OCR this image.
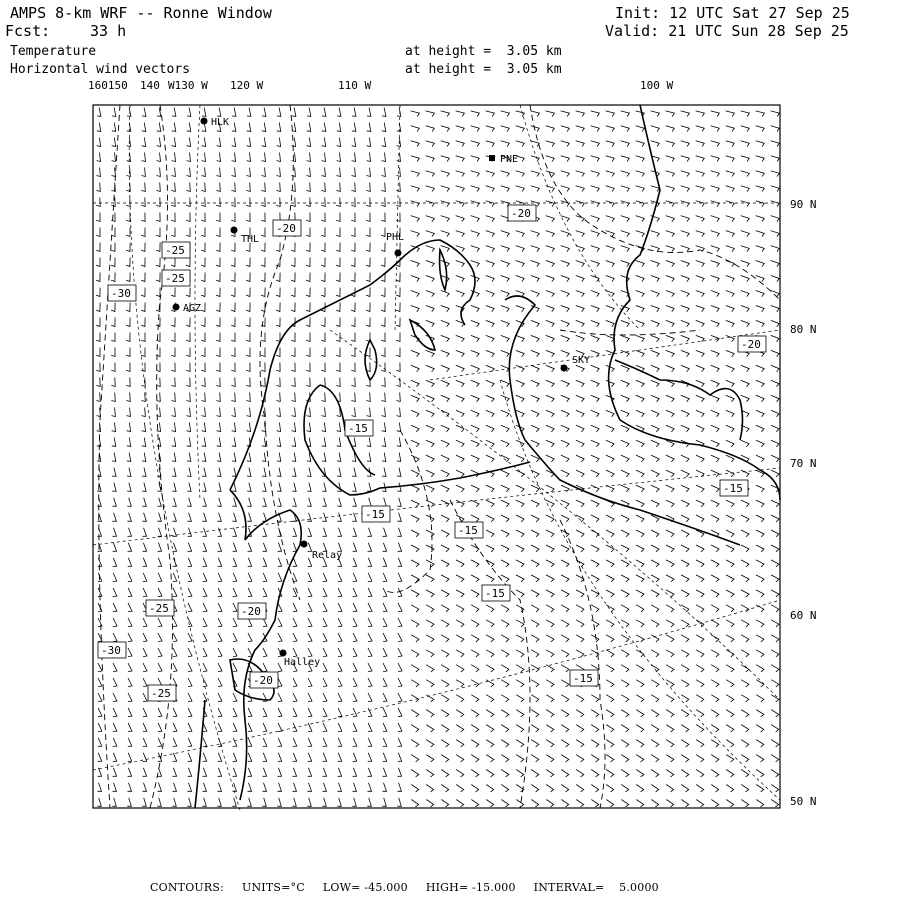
AMPS 8-km WRF -- Ronne Window	Init: 12 UTC Sat 27 Sep 25
Fcst:	33 h	Valid: 21 UTC Sun 28 Sep 25
Temperature	at height =  3.05 km
Horizontal wind vectors	at height =  3.05 km
160150 140 W130 W 120 W	110 W	100 W
90 N
80 N
70 N
60 N
50 N
HLK
PNE
THL	PHL
AGZ
SKY
Relay
Halley
-20
-20
-25
-25
-30
-20
-15
-15
-15
-15
-15
-20
-25
-30
-20
-25
-15
CONTOURS: UNITS=°C LOW= -45.000 HIGH= -15.000 INTERVAL=    5.0000
